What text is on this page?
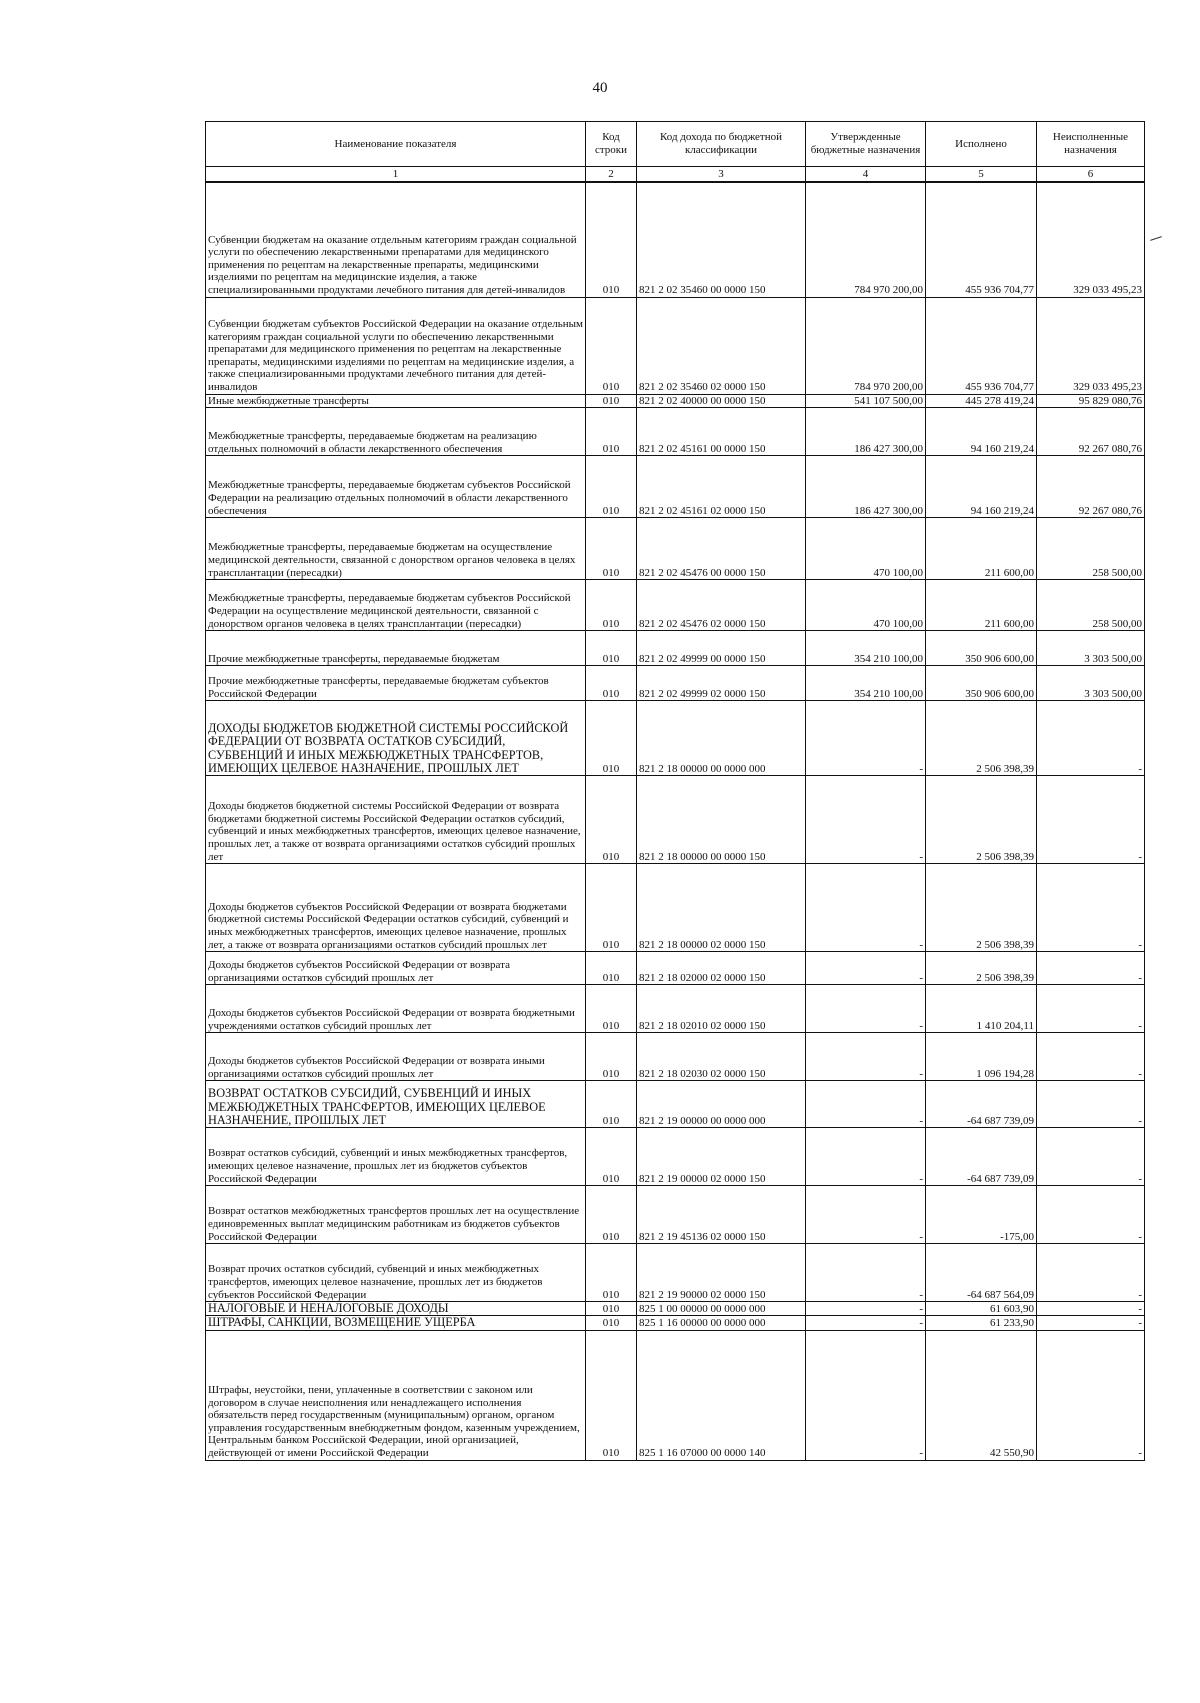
40
Наименование показателя	Код строки	Код дохода по бюджетной классификации	Утвержденные бюджетные назначения	Исполнено	Неисполненные назначения
1	2	3	4	5	6
Субвенции бюджетам на оказание отдельным категориям граждан социальной услуги по обеспечению лекарственными препаратами для медицинского применения по рецептам на лекарственные препараты, медицинскими изделиями по рецептам на медицинские изделия, а также специализированными продуктами лечебного питания для детей-инвалидов	010	821 2 02 35460 00 0000 150	784 970 200,00	455 936 704,77	329 033 495,23
Субвенции бюджетам субъектов Российской Федерации на оказание отдельным категориям граждан социальной услуги по обеспечению лекарственными препаратами для медицинского применения по рецептам на лекарственные препараты, медицинскими изделиями по рецептам на медицинские изделия, а также специализированными продуктами лечебного питания для детей-инвалидов	010	821 2 02 35460 02 0000 150	784 970 200,00	455 936 704,77	329 033 495,23
Иные межбюджетные трансферты	010	821 2 02 40000 00 0000 150	541 107 500,00	445 278 419,24	95 829 080,76
Межбюджетные трансферты, передаваемые бюджетам на реализацию отдельных полномочий в области лекарственного обеспечения	010	821 2 02 45161 00 0000 150	186 427 300,00	94 160 219,24	92 267 080,76
Межбюджетные трансферты, передаваемые бюджетам субъектов Российской Федерации на реализацию отдельных полномочий в области лекарственного обеспечения	010	821 2 02 45161 02 0000 150	186 427 300,00	94 160 219,24	92 267 080,76
Межбюджетные трансферты, передаваемые бюджетам на осуществление медицинской деятельности, связанной с донорством органов человека в целях трансплантации (пересадки)	010	821 2 02 45476 00 0000 150	470 100,00	211 600,00	258 500,00
Межбюджетные трансферты, передаваемые бюджетам субъектов Российской Федерации на осуществление медицинской деятельности, связанной с донорством органов человека в целях трансплантации (пересадки)	010	821 2 02 45476 02 0000 150	470 100,00	211 600,00	258 500,00
Прочие межбюджетные трансферты, передаваемые бюджетам	010	821 2 02 49999 00 0000 150	354 210 100,00	350 906 600,00	3 303 500,00
Прочие межбюджетные трансферты, передаваемые бюджетам субъектов Российской Федерации	010	821 2 02 49999 02 0000 150	354 210 100,00	350 906 600,00	3 303 500,00
ДОХОДЫ БЮДЖЕТОВ БЮДЖЕТНОЙ СИСТЕМЫ РОССИЙСКОЙ ФЕДЕРАЦИИ ОТ ВОЗВРАТА ОСТАТКОВ СУБСИДИЙ, СУБВЕНЦИЙ И ИНЫХ МЕЖБЮДЖЕТНЫХ ТРАНСФЕРТОВ, ИМЕЮЩИХ ЦЕЛЕВОЕ НАЗНАЧЕНИЕ, ПРОШЛЫХ ЛЕТ	010	821 2 18 00000 00 0000 000	-	2 506 398,39	-
Доходы бюджетов бюджетной системы Российской Федерации от возврата бюджетами бюджетной системы Российской Федерации остатков субсидий, субвенций и иных межбюджетных трансфертов, имеющих целевое назначение, прошлых лет, а также от возврата организациями остатков субсидий прошлых лет	010	821 2 18 00000 00 0000 150	-	2 506 398,39	-
Доходы бюджетов субъектов Российской Федерации от возврата бюджетами бюджетной системы Российской Федерации остатков субсидий, субвенций и иных межбюджетных трансфертов, имеющих целевое назначение, прошлых лет, а также от возврата организациями остатков субсидий прошлых лет	010	821 2 18 00000 02 0000 150	-	2 506 398,39	-
Доходы бюджетов субъектов Российской Федерации от возврата организациями остатков субсидий прошлых лет	010	821 2 18 02000 02 0000 150	-	2 506 398,39	-
Доходы бюджетов субъектов Российской Федерации от возврата бюджетными учреждениями остатков субсидий прошлых лет	010	821 2 18 02010 02 0000 150	-	1 410 204,11	-
Доходы бюджетов субъектов Российской Федерации от возврата иными организациями остатков субсидий прошлых лет	010	821 2 18 02030 02 0000 150	-	1 096 194,28	-
ВОЗВРАТ ОСТАТКОВ СУБСИДИЙ, СУБВЕНЦИЙ И ИНЫХ МЕЖБЮДЖЕТНЫХ ТРАНСФЕРТОВ, ИМЕЮЩИХ ЦЕЛЕВОЕ НАЗНАЧЕНИЕ, ПРОШЛЫХ ЛЕТ	010	821 2 19 00000 00 0000 000	-	-64 687 739,09	-
Возврат остатков субсидий, субвенций и иных межбюджетных трансфертов, имеющих целевое назначение, прошлых лет из бюджетов субъектов Российской Федерации	010	821 2 19 00000 02 0000 150	-	-64 687 739,09	-
Возврат остатков межбюджетных трансфертов прошлых лет на осуществление единовременных выплат медицинским работникам из бюджетов субъектов Российской Федерации	010	821 2 19 45136 02 0000 150	-	-175,00	-
Возврат прочих остатков субсидий, субвенций и иных межбюджетных трансфертов, имеющих целевое назначение, прошлых лет из бюджетов субъектов Российской Федерации	010	821 2 19 90000 02 0000 150	-	-64 687 564,09	-
НАЛОГОВЫЕ И НЕНАЛОГОВЫЕ ДОХОДЫ	010	825 1 00 00000 00 0000 000	-	61 603,90	-
ШТРАФЫ, САНКЦИИ, ВОЗМЕЩЕНИЕ УЩЕРБА	010	825 1 16 00000 00 0000 000	-	61 233,90	-
Штрафы, неустойки, пени, уплаченные в соответствии с законом или договором в случае неисполнения или ненадлежащего исполнения обязательств перед государственным (муниципальным) органом, органом управления государственным внебюджетным фондом, казенным учреждением, Центральным банком Российской Федерации, иной организацией, действующей от имени Российской Федерации	010	825 1 16 07000 00 0000 140	-	42 550,90	-
